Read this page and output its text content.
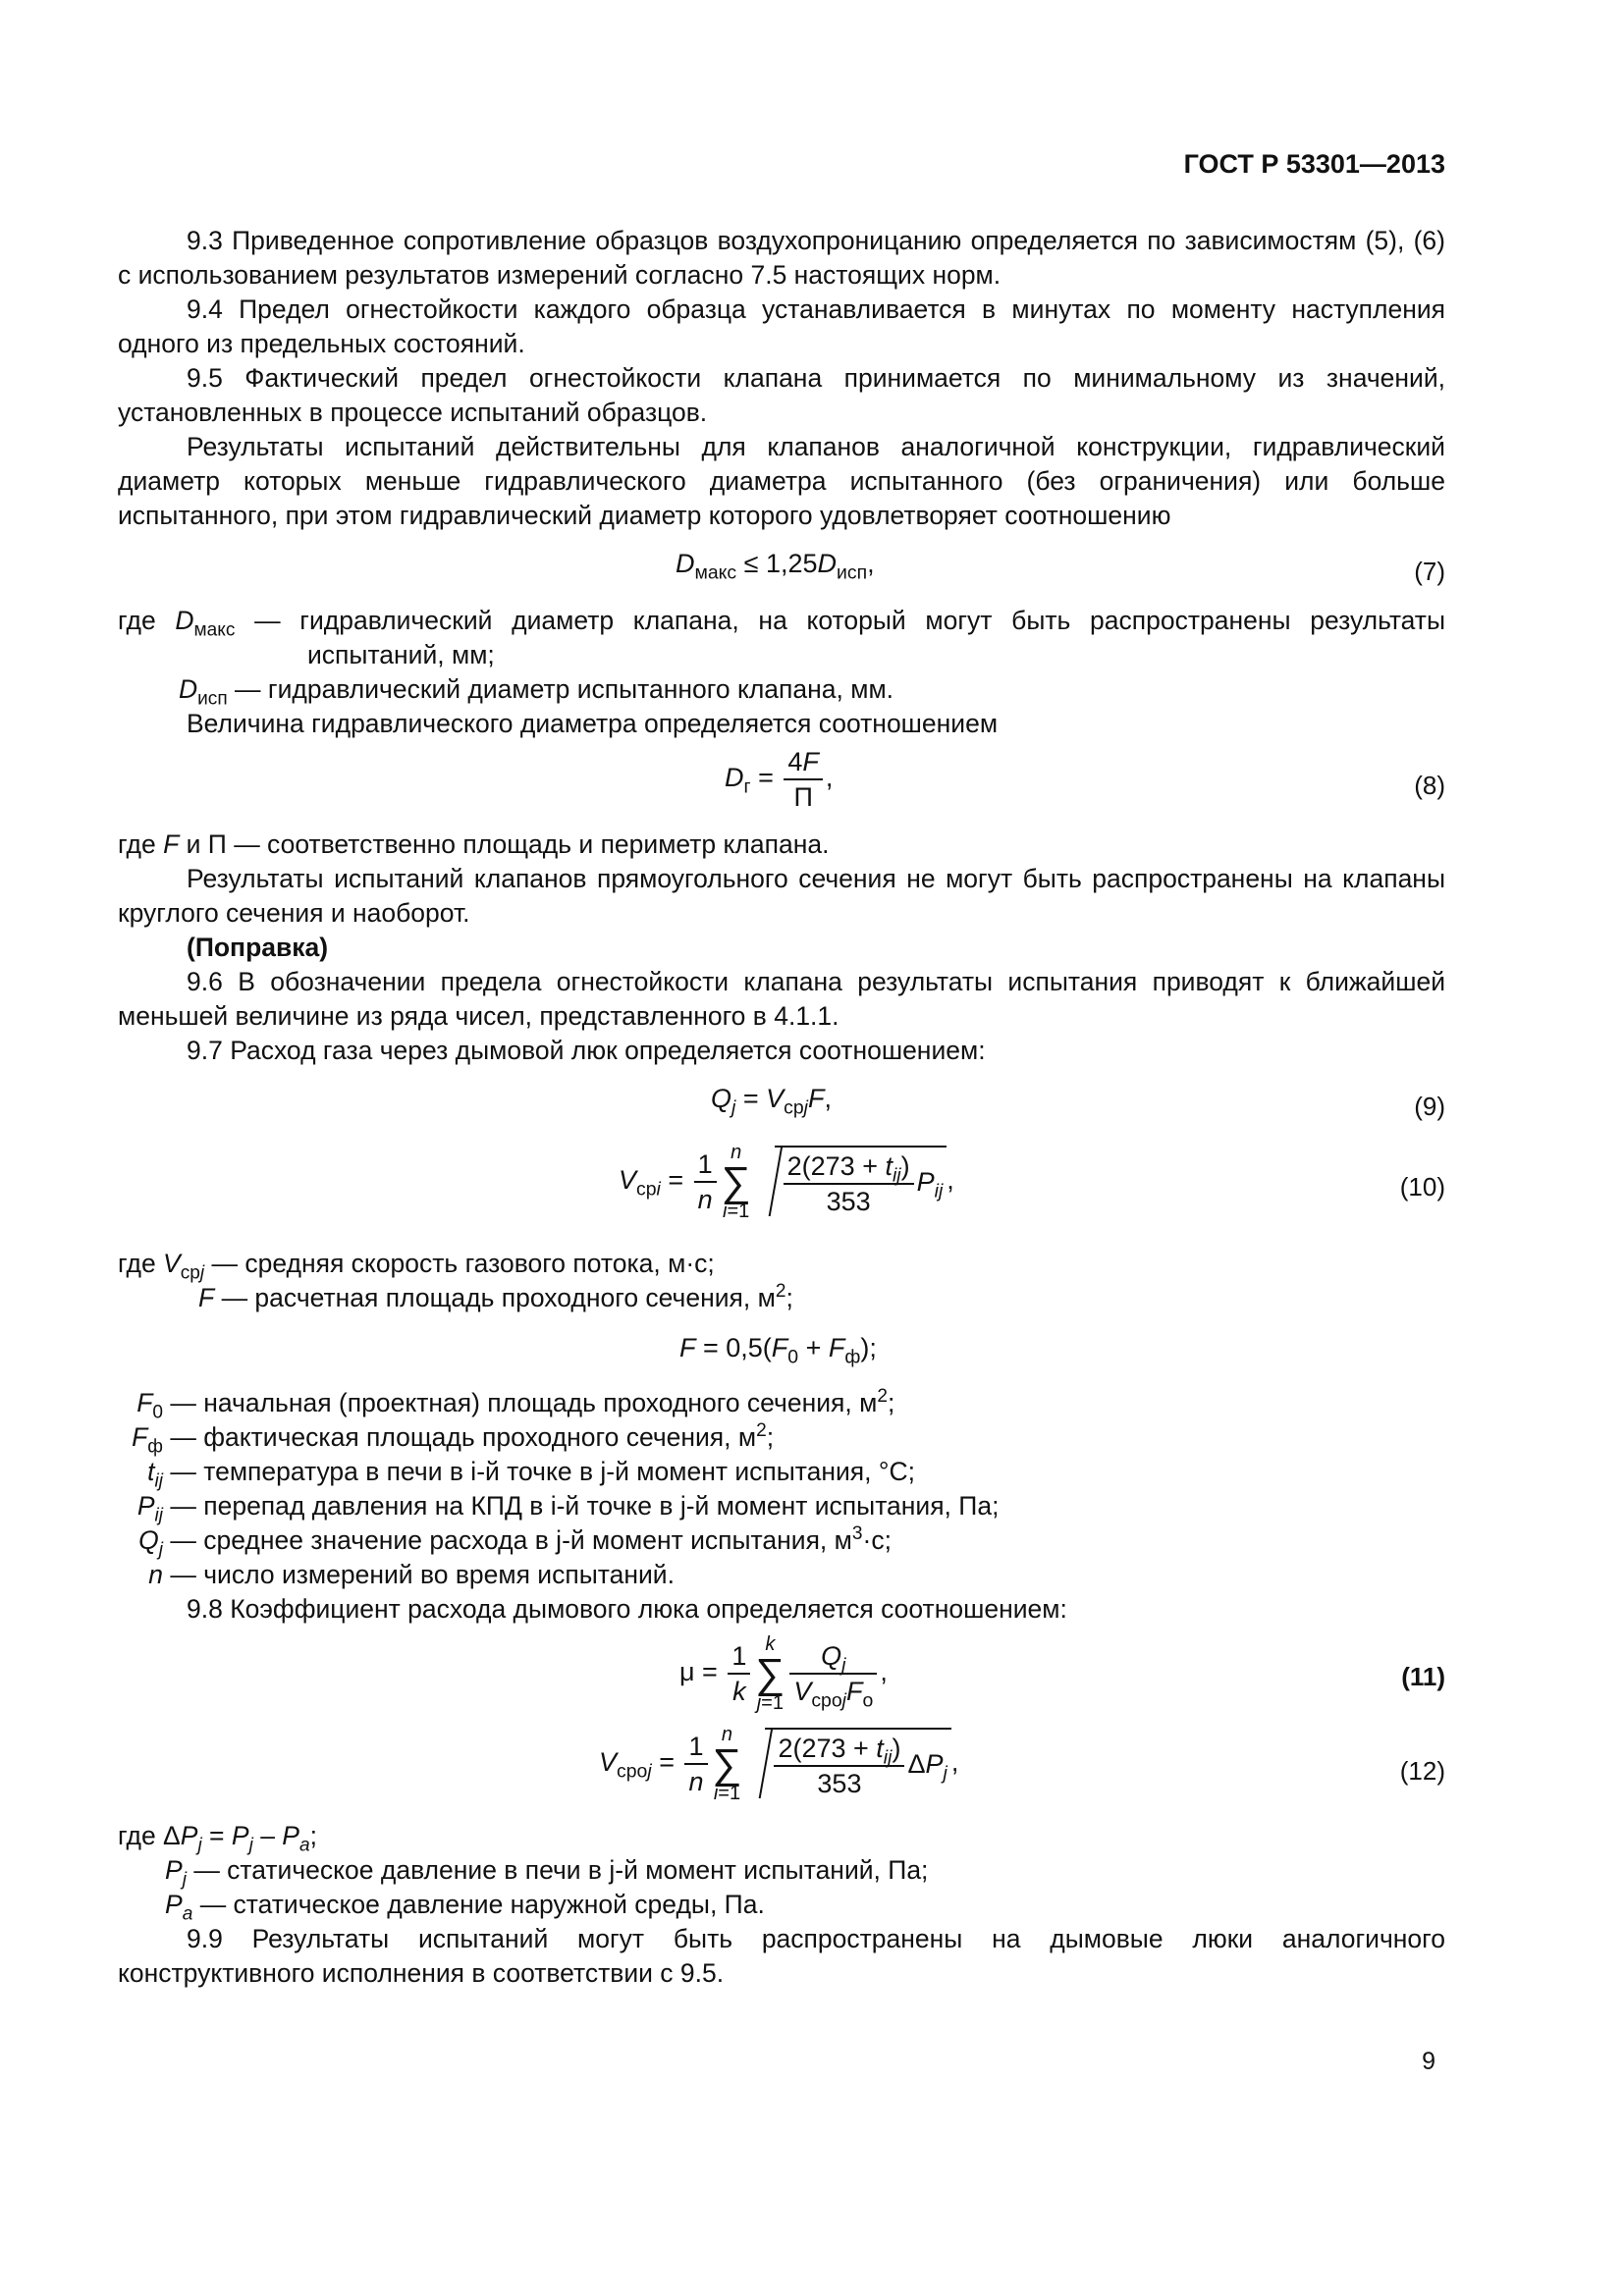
ГОСТ Р 53301—2013

9.3 Приведенное сопротивление образцов воздухопроницанию определяется по зависимостям (5), (6) с использованием результатов измерений согласно 7.5 настоящих норм.

9.4 Предел огнестойкости каждого образца устанавливается в минутах по моменту наступления одного из предельных состояний.

9.5 Фактический предел огнестойкости клапана принимается по минимальному из значений, установленных в процессе испытаний образцов.

Результаты испытаний действительны для клапанов аналогичной конструкции, гидравлический диаметр которых меньше гидравлического диаметра испытанного (без ограничения) или больше испытанного, при этом гидравлический диаметр которого удовлетворяет соотношению

$D_{макс} \le 1,25D_{исп}$,	(7)

где $D_{макс}$ — гидравлический диаметр клапана, на который могут быть распространены результаты испытаний, мм;

$D_{исп}$ — гидравлический диаметр испытанного клапана, мм.

Величина гидравлического диаметра определяется соотношением

$D_г = \frac{4F}{П}$ ,	(8)

где F и П — соответственно площадь и периметр клапана.

Результаты испытаний клапанов прямоугольного сечения не могут быть распространены на клапаны круглого сечения и наоборот.

(Поправка)

9.6 В обозначении предела огнестойкости клапана результаты испытания приводят к ближайшей меньшей величине из ряда чисел, представленного в 4.1.1.

9.7 Расход газа через дымовой люк определяется соотношением:

$Q_j = V_{срj}F$,	(9)
$V_{срi} = \frac{1}{n}$ n
∑
$i=1 \frac{2(273 + t_{ij})}{353} P_{ij}$ ,	(10)

где $V_{срj}$ — средняя скорость газового потока, м·с;

F — расчетная площадь проходного сечения, $м^2$;

$F = 0,5(F_0 + F_ф)$;

$F_0$ — начальная (проектная) площадь проходного сечения, $м^2$;

$F_ф$ — фактическая площадь проходного сечения, $м^2$;

$t_{ij}$ — температура в печи в i-й точке в j-й момент испытания, °С;

$P_{ij}$ — перепад давления на КПД в i-й точке в j-й момент испытания, Па;

$Q_j$ — среднее значение расхода в j-й момент испытания, $м^3\cdot с$;

n — число измерений во время испытаний.

9.8 Коэффициент расхода дымового люка определяется соотношением:

$\mu = \frac{1}{k}$ k
∑
$j=1 \frac{Q_j}{V_{сроj}F_о}$ ,	(11)
$V_{сроj} = \frac{1}{n}$ n
∑
$i=1 \frac{2(273 + t_{ij})}{353} \Delta P_j$ ,	(12)

где $\Delta P_j = P_j - P_a$;

$P_j$ — статическое давление в печи в j-й момент испытаний, Па;

$P_a$ — статическое давление наружной среды, Па.

9.9 Результаты испытаний могут быть распространены на дымовые люки аналогичного конструктивного исполнения в соответствии с 9.5.

9
